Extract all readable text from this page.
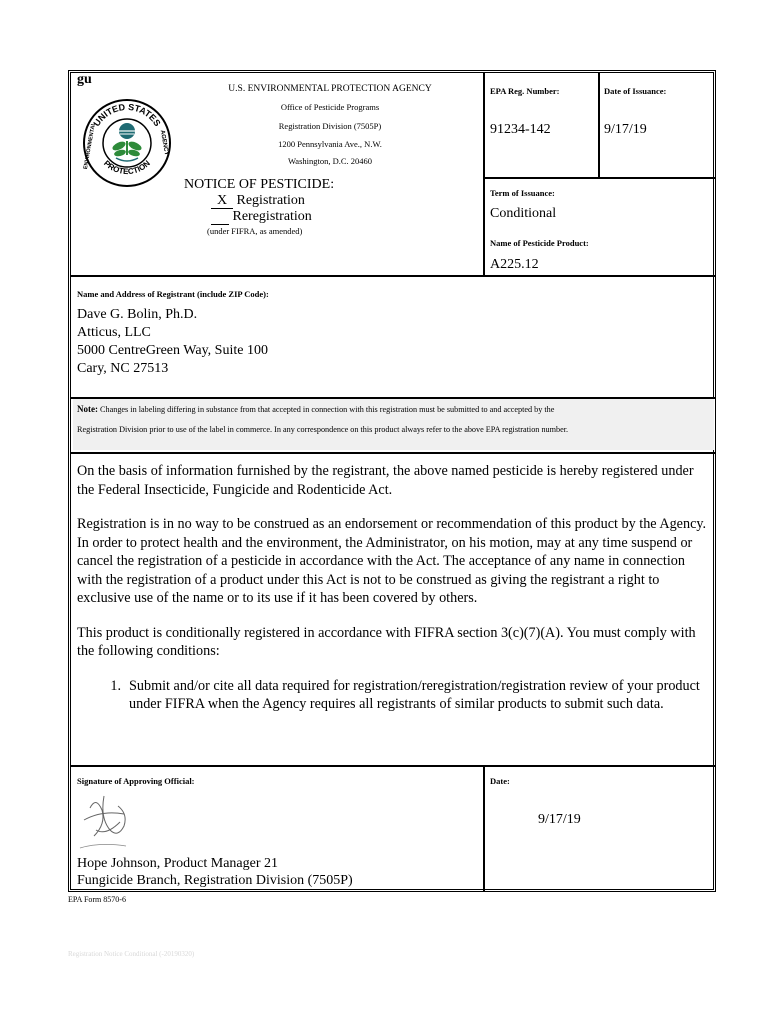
gu
UNITED STATES
PROTECTION
ENVIRONMENTAL	AGENCY
U.S. ENVIRONMENTAL PROTECTION AGENCY
Office of Pesticide Programs
Registration Division (7505P)
1200 Pennsylvania Ave., N.W.
Washington, D.C. 20460
NOTICE OF PESTICIDE:
X Registration
Reregistration
(under FIFRA, as amended)
EPA Reg. Number:	Date of Issuance:
91234-142	9/17/19
Term of Issuance:
Conditional
Name of Pesticide Product:
A225.12
Name and Address of Registrant (include ZIP Code):
Dave G. Bolin, Ph.D.
Atticus, LLC
5000 CentreGreen Way, Suite 100
Cary, NC 27513
Note: Changes in labeling differing in substance from that accepted in connection with this registration must be submitted to and accepted by the
Registration Division prior to use of the label in commerce. In any correspondence on this product always refer to the above EPA registration number.

On the basis of information furnished by the registrant, the above named pesticide is hereby registered under the Federal Insecticide, Fungicide and Rodenticide Act.

Registration is in no way to be construed as an endorsement or recommendation of this product by the Agency. In order to protect health and the environment, the Administrator, on his motion, may at any time suspend or cancel the registration of a pesticide in accordance with the Act. The acceptance of any name in connection with the registration of a product under this Act is not to be construed as giving the registrant a right to exclusive use of the name or to its use if it has been covered by others.

This product is conditionally registered in accordance with FIFRA section 3(c)(7)(A). You must comply with the following conditions:

1. Submit and/or cite all data required for registration/reregistration/registration review of your product under FIFRA when the Agency requires all registrants of similar products to submit such data.

Signature of Approving Official:	Date:
9/17/19
Hope Johnson, Product Manager 21
Fungicide Branch, Registration Division (7505P)
EPA Form 8570-6
Registration Notice Conditional (-20190320)
